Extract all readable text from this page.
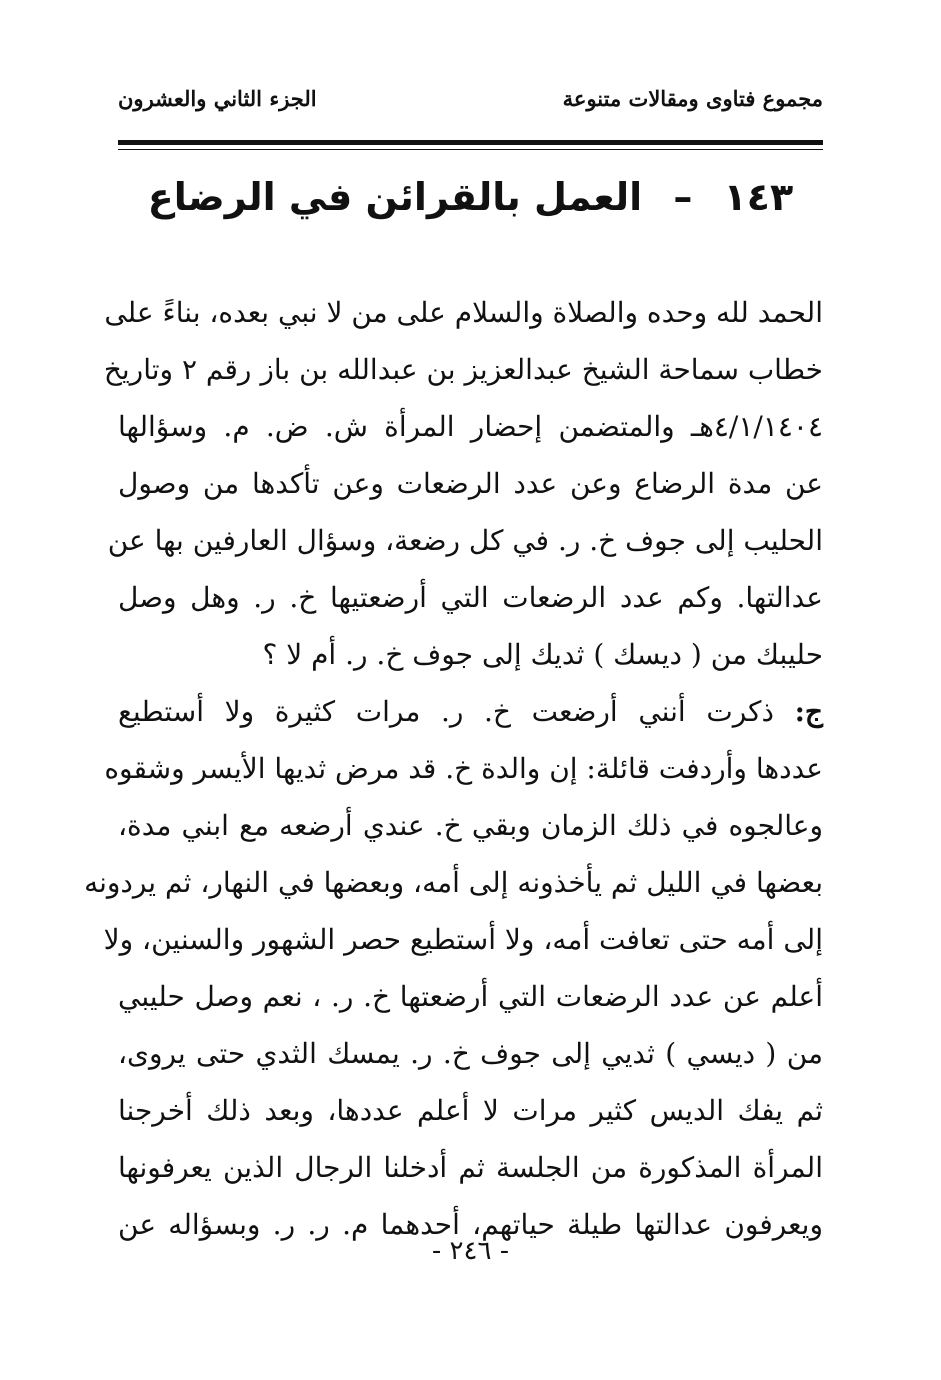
مجموع فتاوى ومقالات متنوعة
الجزء الثاني والعشرون
١٤٣ – العمل بالقرائن في الرضاع
الحمد لله وحده والصلاة والسلام على من لا نبي بعده، بناءً على
خطاب سماحة الشيخ عبدالعزيز بن عبدالله بن باز رقم ٢ وتاريخ
٤/١/١٤٠٤هـ والمتضمن إحضار المرأة ش. ض. م. وسؤالها
عن مدة الرضاع وعن عدد الرضعات وعن تأكدها من وصول
الحليب إلى جوف خ. ر. في كل رضعة، وسؤال العارفين بها عن
عدالتها. وكم عدد الرضعات التي أرضعتيها خ. ر. وهل وصل
حليبك من ( ديسك ) ثديك إلى جوف خ. ر. أم لا ؟
ج: ذكرت أنني أرضعت خ. ر. مرات كثيرة ولا أستطيع
عددها وأردفت قائلة: إن والدة خ. قد مرض ثديها الأيسر وشقوه
وعالجوه في ذلك الزمان وبقي خ. عندي أرضعه مع ابني مدة،
بعضها في الليل ثم يأخذونه إلى أمه، وبعضها في النهار، ثم يردونه
إلى أمه حتى تعافت أمه، ولا أستطيع حصر الشهور والسنين، ولا
أعلم عن عدد الرضعات التي أرضعتها خ. ر. ، نعم وصل حليبي
من ( ديسي ) ثديي إلى جوف خ. ر. يمسك الثدي حتى يروى،
ثم يفك الديس كثير مرات لا أعلم عددها، وبعد ذلك أخرجنا
المرأة المذكورة من الجلسة ثم أدخلنا الرجال الذين يعرفونها
ويعرفون عدالتها طيلة حياتهم، أحدهما م. ر. ر. وبسؤاله عن
- ٢٤٦ -
